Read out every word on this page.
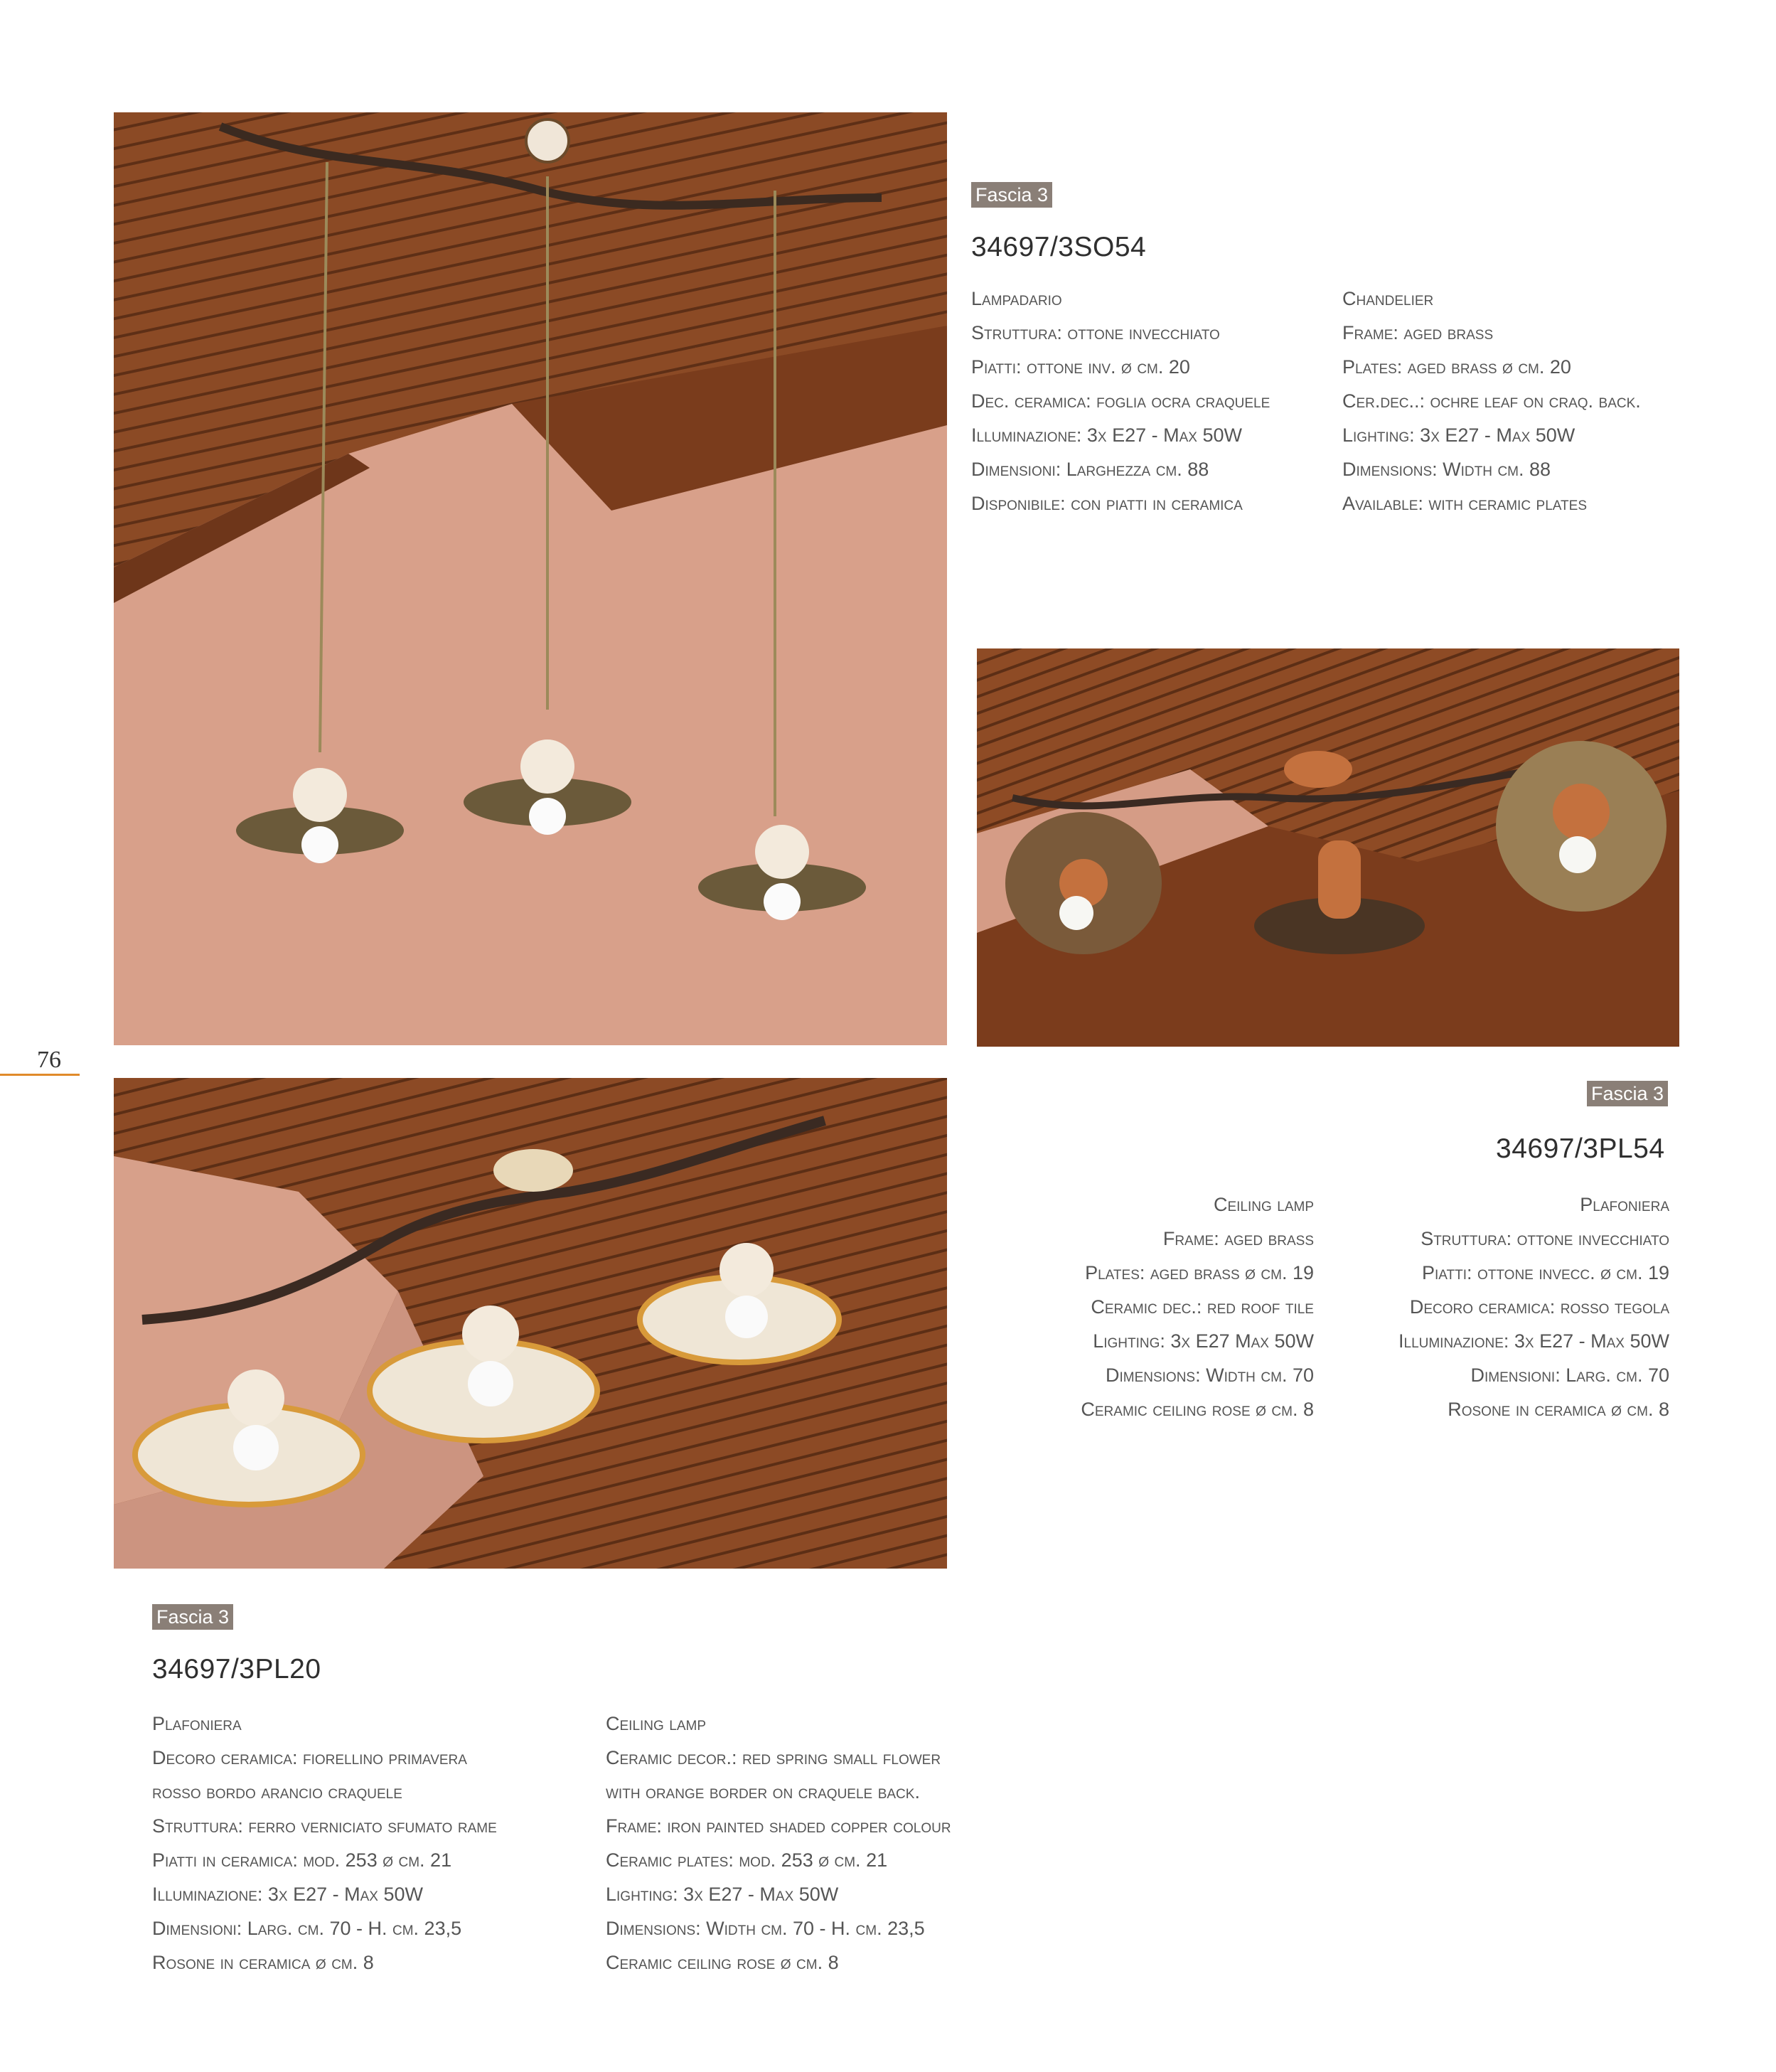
Fascia 3
34697/3SO54
Lampadario
Struttura: ottone invecchiato
Piatti: ottone inv. ø cm. 20
Dec. ceramica: foglia ocra craquele
Illuminazione: 3x E27 - Max 50W
Dimensioni: Larghezza cm. 88
Disponibile: con piatti in ceramica
Chandelier
Frame: aged brass
Plates: aged brass ø cm. 20
Cer.dec..: ochre leaf on craq. back.
Lighting: 3x E27 - Max 50W
Dimensions: Width cm. 88
Available: with ceramic plates
76
Fascia 3
34697/3PL54
Ceiling lamp
Frame: aged brass
Plates: aged brass ø cm. 19
Ceramic dec.: red roof tile
Lighting: 3x E27 Max 50W
Dimensions: Width cm. 70
Ceramic ceiling rose ø cm. 8
Plafoniera
Struttura: ottone invecchiato
Piatti: ottone invecc. ø cm. 19
Decoro ceramica: rosso tegola
Illuminazione: 3x E27 - Max 50W
Dimensioni: Larg. cm. 70
Rosone in ceramica ø cm. 8
Fascia 3
34697/3PL20
Plafoniera
Decoro ceramica: fiorellino primavera
rosso bordo arancio craquele
Struttura: ferro verniciato sfumato rame
Piatti in ceramica: mod. 253 ø cm. 21
Illuminazione: 3x E27 - Max 50W
Dimensioni: Larg. cm. 70 - H. cm. 23,5
Rosone in ceramica ø cm. 8
Ceiling lamp
Ceramic decor.: red spring small flower
with orange border on craquele back.
Frame: iron painted shaded copper colour
Ceramic plates: mod. 253 ø cm. 21
Lighting: 3x E27 - Max 50W
Dimensions: Width cm. 70 - H. cm. 23,5
Ceramic ceiling rose ø cm. 8
